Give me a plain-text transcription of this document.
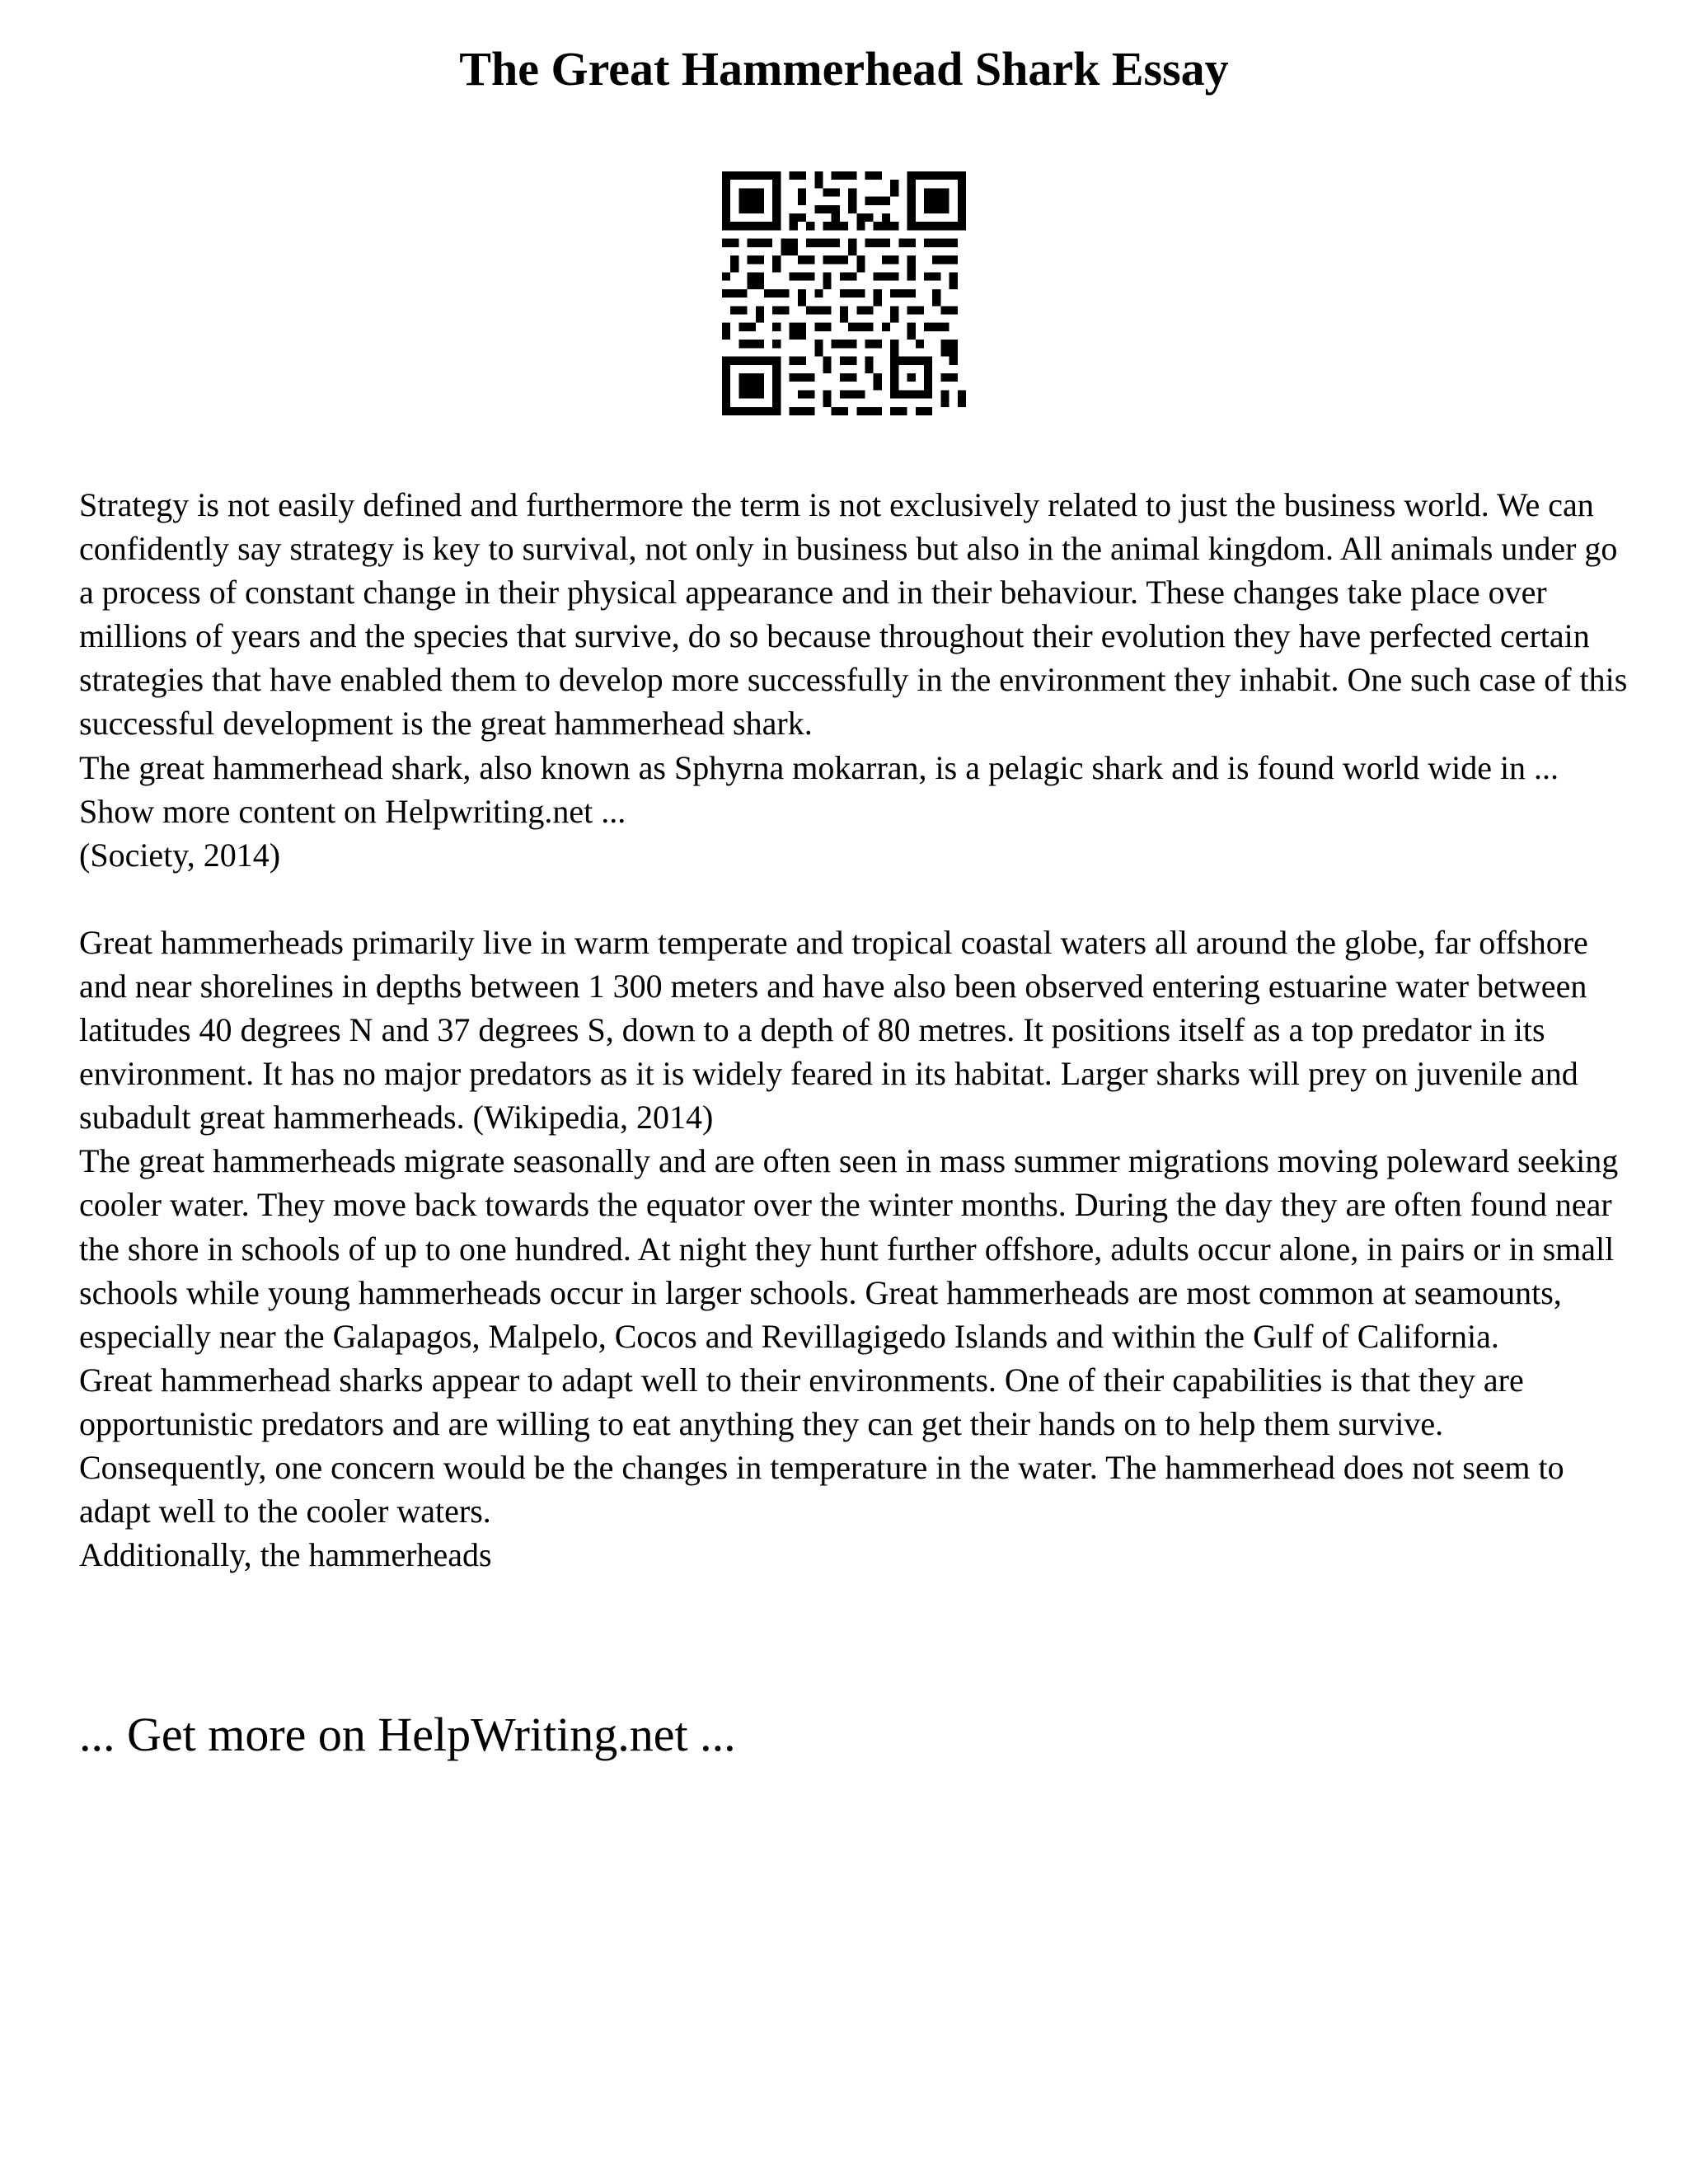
The Great Hammerhead Shark Essay

Strategy is not easily defined and furthermore the term is not exclusively related to just the business world. We can confidently say strategy is key to survival, not only in business but also in the animal kingdom. All animals under go a process of constant change in their physical appearance and in their behaviour. These changes take place over millions of years and the species that survive, do so because throughout their evolution they have perfected certain strategies that have enabled them to develop more successfully in the environment they inhabit. One such case of this successful development is the great hammerhead shark.

The great hammerhead shark, also known as Sphyrna mokarran, is a pelagic shark and is found world wide in ... Show more content on Helpwriting.net ...

(Society, 2014)

Great hammerheads primarily live in warm temperate and tropical coastal waters all around the globe, far offshore and near shorelines in depths between 1 300 meters and have also been observed entering estuarine water between latitudes 40 degrees N and 37 degrees S, down to a depth of 80 metres. It positions itself as a top predator in its environment. It has no major predators as it is widely feared in its habitat. Larger sharks will prey on juvenile and subadult great hammerheads. (Wikipedia, 2014)

The great hammerheads migrate seasonally and are often seen in mass summer migrations moving poleward seeking cooler water. They move back towards the equator over the winter months. During the day they are often found near the shore in schools of up to one hundred. At night they hunt further offshore, adults occur alone, in pairs or in small schools while young hammerheads occur in larger schools. Great hammerheads are most common at seamounts, especially near the Galapagos, Malpelo, Cocos and Revillagigedo Islands and within the Gulf of California.

Great hammerhead sharks appear to adapt well to their environments. One of their capabilities is that they are opportunistic predators and are willing to eat anything they can get their hands on to help them survive. Consequently, one concern would be the changes in temperature in the water. The hammerhead does not seem to adapt well to the cooler waters.

Additionally, the hammerheads

... Get more on HelpWriting.net ...
